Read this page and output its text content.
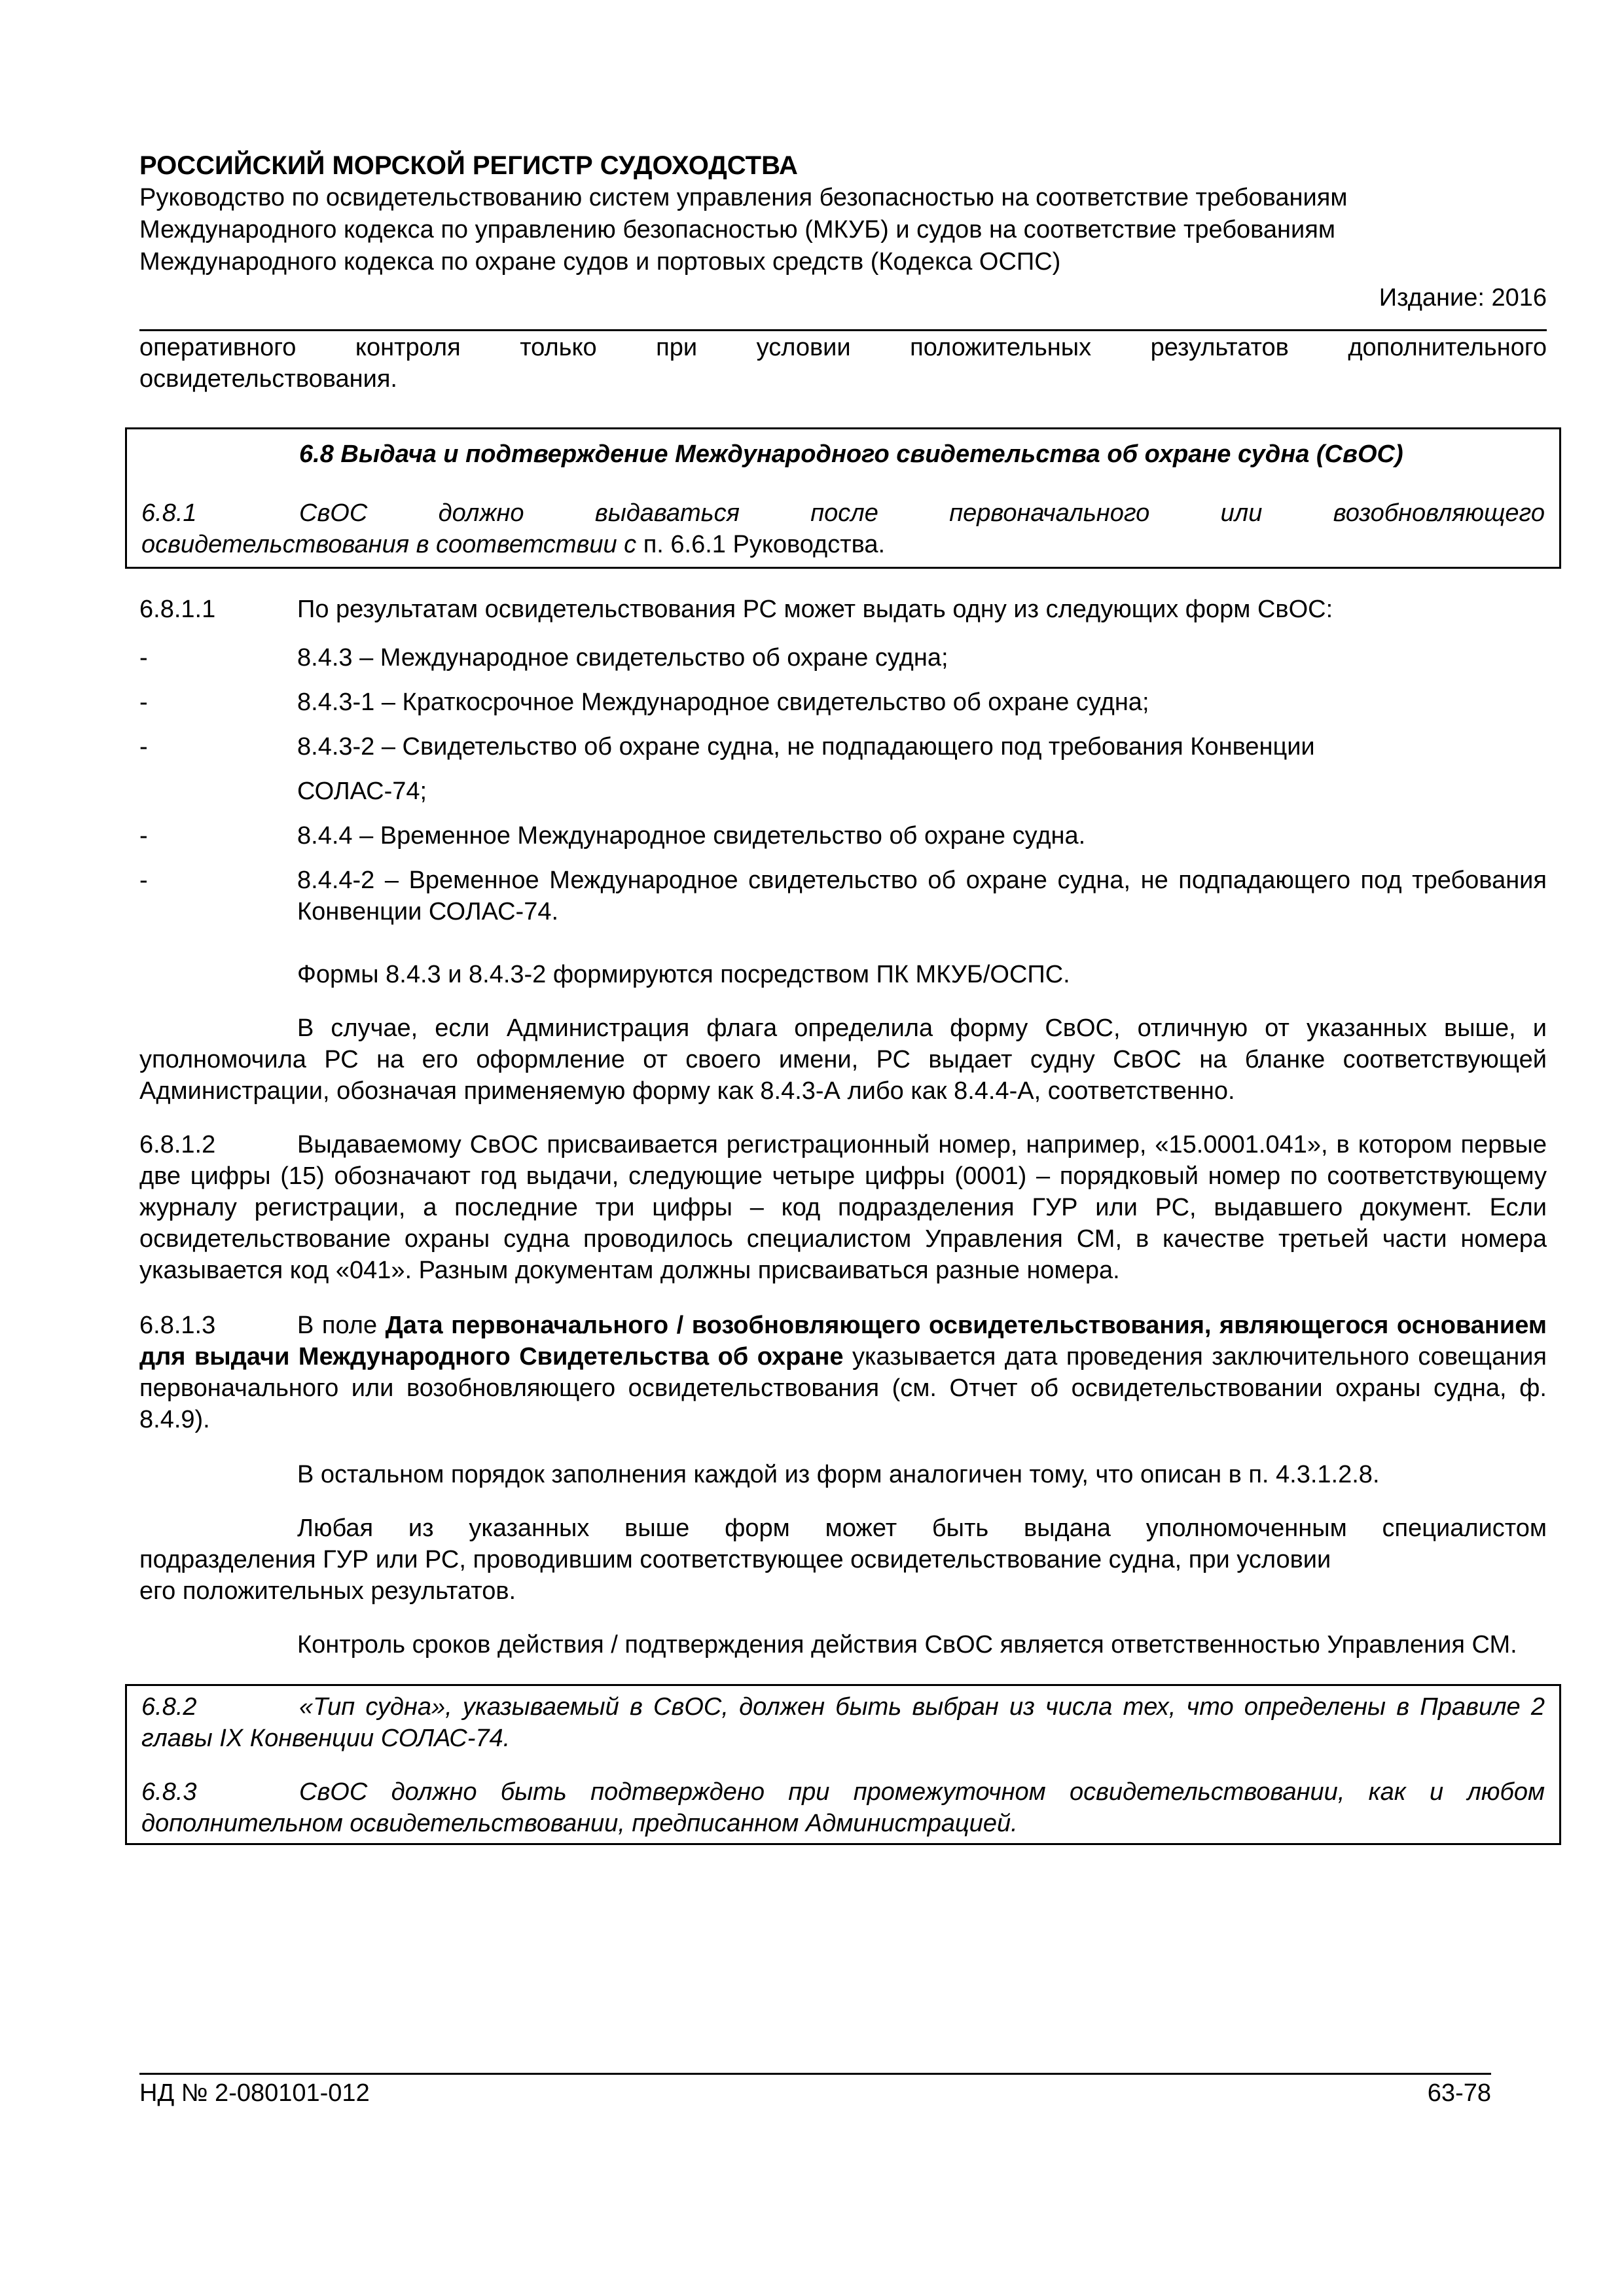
РОССИЙСКИЙ МОРСКОЙ РЕГИСТР СУДОХОДСТВА
Руководство по освидетельствованию систем управления безопасностью на соответствие требованиям
Международного кодекса по управлению безопасностью (МКУБ) и судов на соответствие требованиям
Международного кодекса по охране судов и портовых средств (Кодекса ОСПС)
Издание: 2016

оперативного контроля только при условии положительных результатов дополнительного

освидетельствования.

6.8 Выдача и подтверждение Международного свидетельства об охране судна (СвОС)

6.8.1	СвОС должно выдаваться после первоначального или возобновляющего

освидетельствования в соответствии с п. 6.6.1 Руководства.

6.8.1.1	По результатам освидетельствования РС может выдать одну из следующих форм СвОС:
-	8.4.3 – Международное свидетельство об охране судна;
-	8.4.3-1 – Краткосрочное Международное свидетельство об охране судна;
-	8.4.3-2 – Свидетельство об охране судна, не подпадающего под требования Конвенции
СОЛАС-74;
-	8.4.4 – Временное Международное свидетельство об охране судна.
-	8.4.4-2 – Временное Международное свидетельство об охране судна, не подпадающего под требования Конвенции СОЛАС-74.

Формы 8.4.3 и 8.4.3-2 формируются посредством ПК МКУБ/ОСПС.

В случае, если Администрация флага определила форму СвОС, отличную от указанных выше, и уполномочила РС на его оформление от своего имени, РС выдает судну СвОС на бланке соответствующей Администрации, обозначая применяемую форму как 8.4.3-А либо как 8.4.4-А, соответственно.

6.8.1.2	Выдаваемому СвОС присваивается регистрационный номер, например, «15.0001.041», в котором первые две цифры (15) обозначают год выдачи, следующие четыре цифры (0001) – порядковый номер по соответствующему журналу регистрации, а последние три цифры – код подразделения ГУР или РС, выдавшего документ. Если освидетельствование охраны судна проводилось специалистом Управления СМ, в качестве третьей части номера указывается код «041». Разным документам должны присваиваться разные номера.

6.8.1.3	В поле Дата первоначального / возобновляющего освидетельствования, являющегося основанием для выдачи Международного Свидетельства об охране указывается дата проведения заключительного совещания первоначального или возобновляющего освидетельствования (см. Отчет об освидетельствовании охраны судна, ф. 8.4.9).

В остальном порядок заполнения каждой из форм аналогичен тому, что описан в п. 4.3.1.2.8.

Любая из указанных выше форм может быть выдана уполномоченным специалистом

подразделения ГУР или РС, проводившим соответствующее освидетельствование судна, при условии

его положительных результатов.

Контроль сроков действия / подтверждения действия СвОС является ответственностью Управления СМ.

6.8.2	«Тип судна», указываемый в СвОС, должен быть выбран из числа тех, что определены в Правиле 2 главы IX Конвенции СОЛАС-74.

6.8.3	СвОС должно быть подтверждено при промежуточном освидетельствовании, как и любом дополнительном освидетельствовании, предписанном Администрацией.

НД № 2-080101-012	63-78
